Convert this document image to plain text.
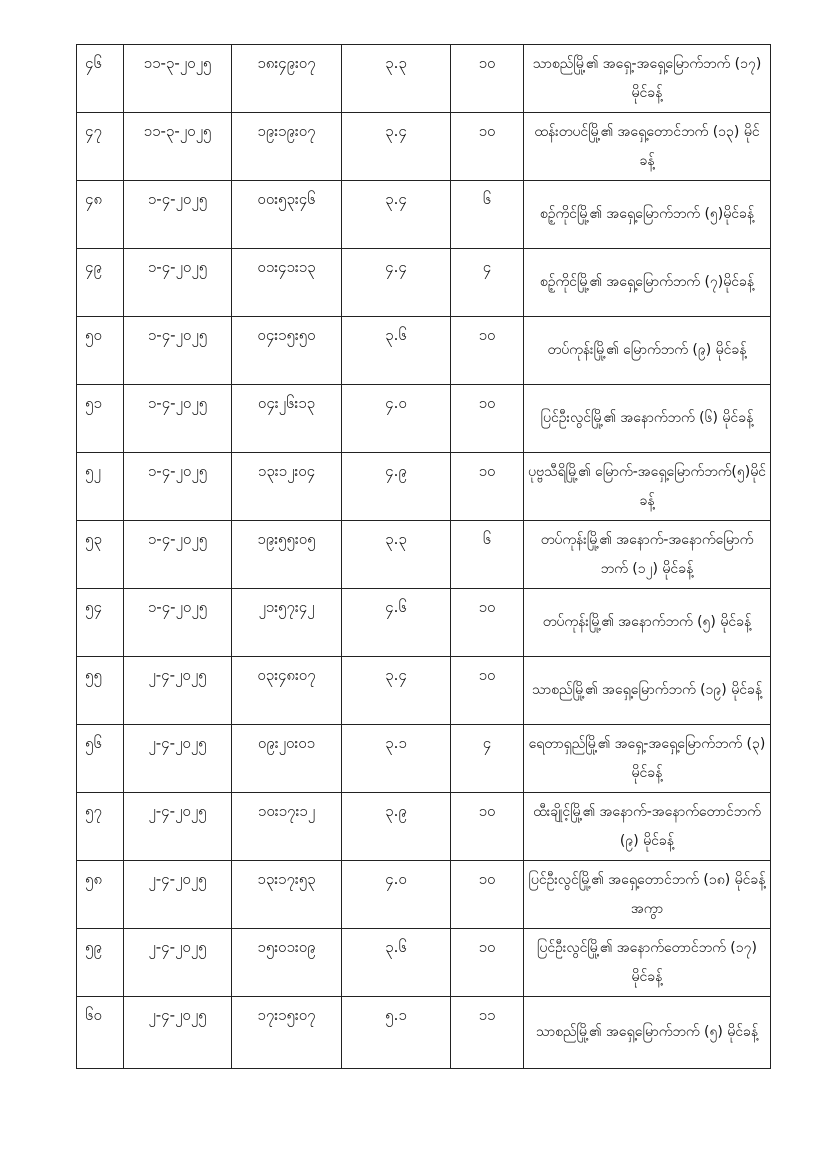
၄၆	၁၁-၃-၂၀၂၅	၁၈း၄၉း၀၇	၃.၃	၁၀	သာစည်မြို့၏ အရှေ့-အရှေ့မြောက်ဘက် (၁၇) မိုင်ခန့်
၄၇	၁၁-၃-၂၀၂၅	၁၉း၁၉း၀၇	၃.၄	၁၀	ထန်းတပင်မြို့၏ အရှေ့တောင်ဘက် (၁၃) မိုင်ခန့်
၄၈	၁-၄-၂၀၂၅	၀၀း၅၃း၄၆	၃.၄	၆	စဉ့်ကိုင်မြို့၏ အရှေ့မြောက်ဘက် (၅)မိုင်ခန့်
၄၉	၁-၄-၂၀၂၅	၀၁း၄၁း၁၃	၄.၄	၄	စဉ့်ကိုင်မြို့၏ အရှေ့မြောက်ဘက် (၇)မိုင်ခန့်
၅၀	၁-၄-၂၀၂၅	၀၄း၁၅း၅၀	၃.၆	၁၀	တပ်ကုန်းမြို့၏ မြောက်ဘက် (၉) မိုင်ခန့်
၅၁	၁-၄-၂၀၂၅	၀၄း၂၆း၁၃	၄.၀	၁၀	ပြင်ဦးလွင်မြို့၏ အနောက်ဘက် (၆) မိုင်ခန့်
၅၂	၁-၄-၂၀၂၅	၁၃း၁၂း၀၄	၄.၉	၁၀	ပုဗ္ဗသီရိမြို့၏ မြောက်-အရှေ့မြောက်ဘက်(၅)မိုင်ခန့်
၅၃	၁-၄-၂၀၂၅	၁၉း၅၅း၀၅	၃.၃	၆	တပ်ကုန်းမြို့၏ အနောက်-အနောက်မြောက်ဘက် (၁၂) မိုင်ခန့်
၅၄	၁-၄-၂၀၂၅	၂၁း၅၇း၄၂	၄.၆	၁၀	တပ်ကုန်းမြို့၏ အနောက်ဘက် (၅) မိုင်ခန့်
၅၅	၂-၄-၂၀၂၅	၀၃း၄၈း၀၇	၃.၄	၁၀	သာစည်မြို့၏ အရှေ့မြောက်ဘက် (၁၉) မိုင်ခန့်
၅၆	၂-၄-၂၀၂၅	၀၉း၂၀း၀၁	၃.၁	၄	ရေတာရှည်မြို့၏ အရှေ့-အရှေ့မြောက်ဘက် (၃) မိုင်ခန့်
၅၇	၂-၄-၂၀၂၅	၁၀း၁၇း၁၂	၃.၉	၁၀	ထီးချိုင့်မြို့၏ အနောက်-အနောက်တောင်ဘက် (၉) မိုင်ခန့်
၅၈	၂-၄-၂၀၂၅	၁၃း၁၇း၅၃	၄.၀	၁၀	ပြင်ဦးလွင်မြို့၏ အရှေ့တောင်ဘက် (၁၈) မိုင်ခန့် အကွာ
၅၉	၂-၄-၂၀၂၅	၁၅း၀၁း၀၉	၃.၆	၁၀	ပြင်ဦးလွင်မြို့၏ အနောက်တောင်ဘက် (၁၇) မိုင်ခန့်
၆၀	၂-၄-၂၀၂၅	၁၇း၁၅း၀၇	၅.၁	၁၁	သာစည်မြို့၏ အရှေ့မြောက်ဘက် (၅) မိုင်ခန့်
